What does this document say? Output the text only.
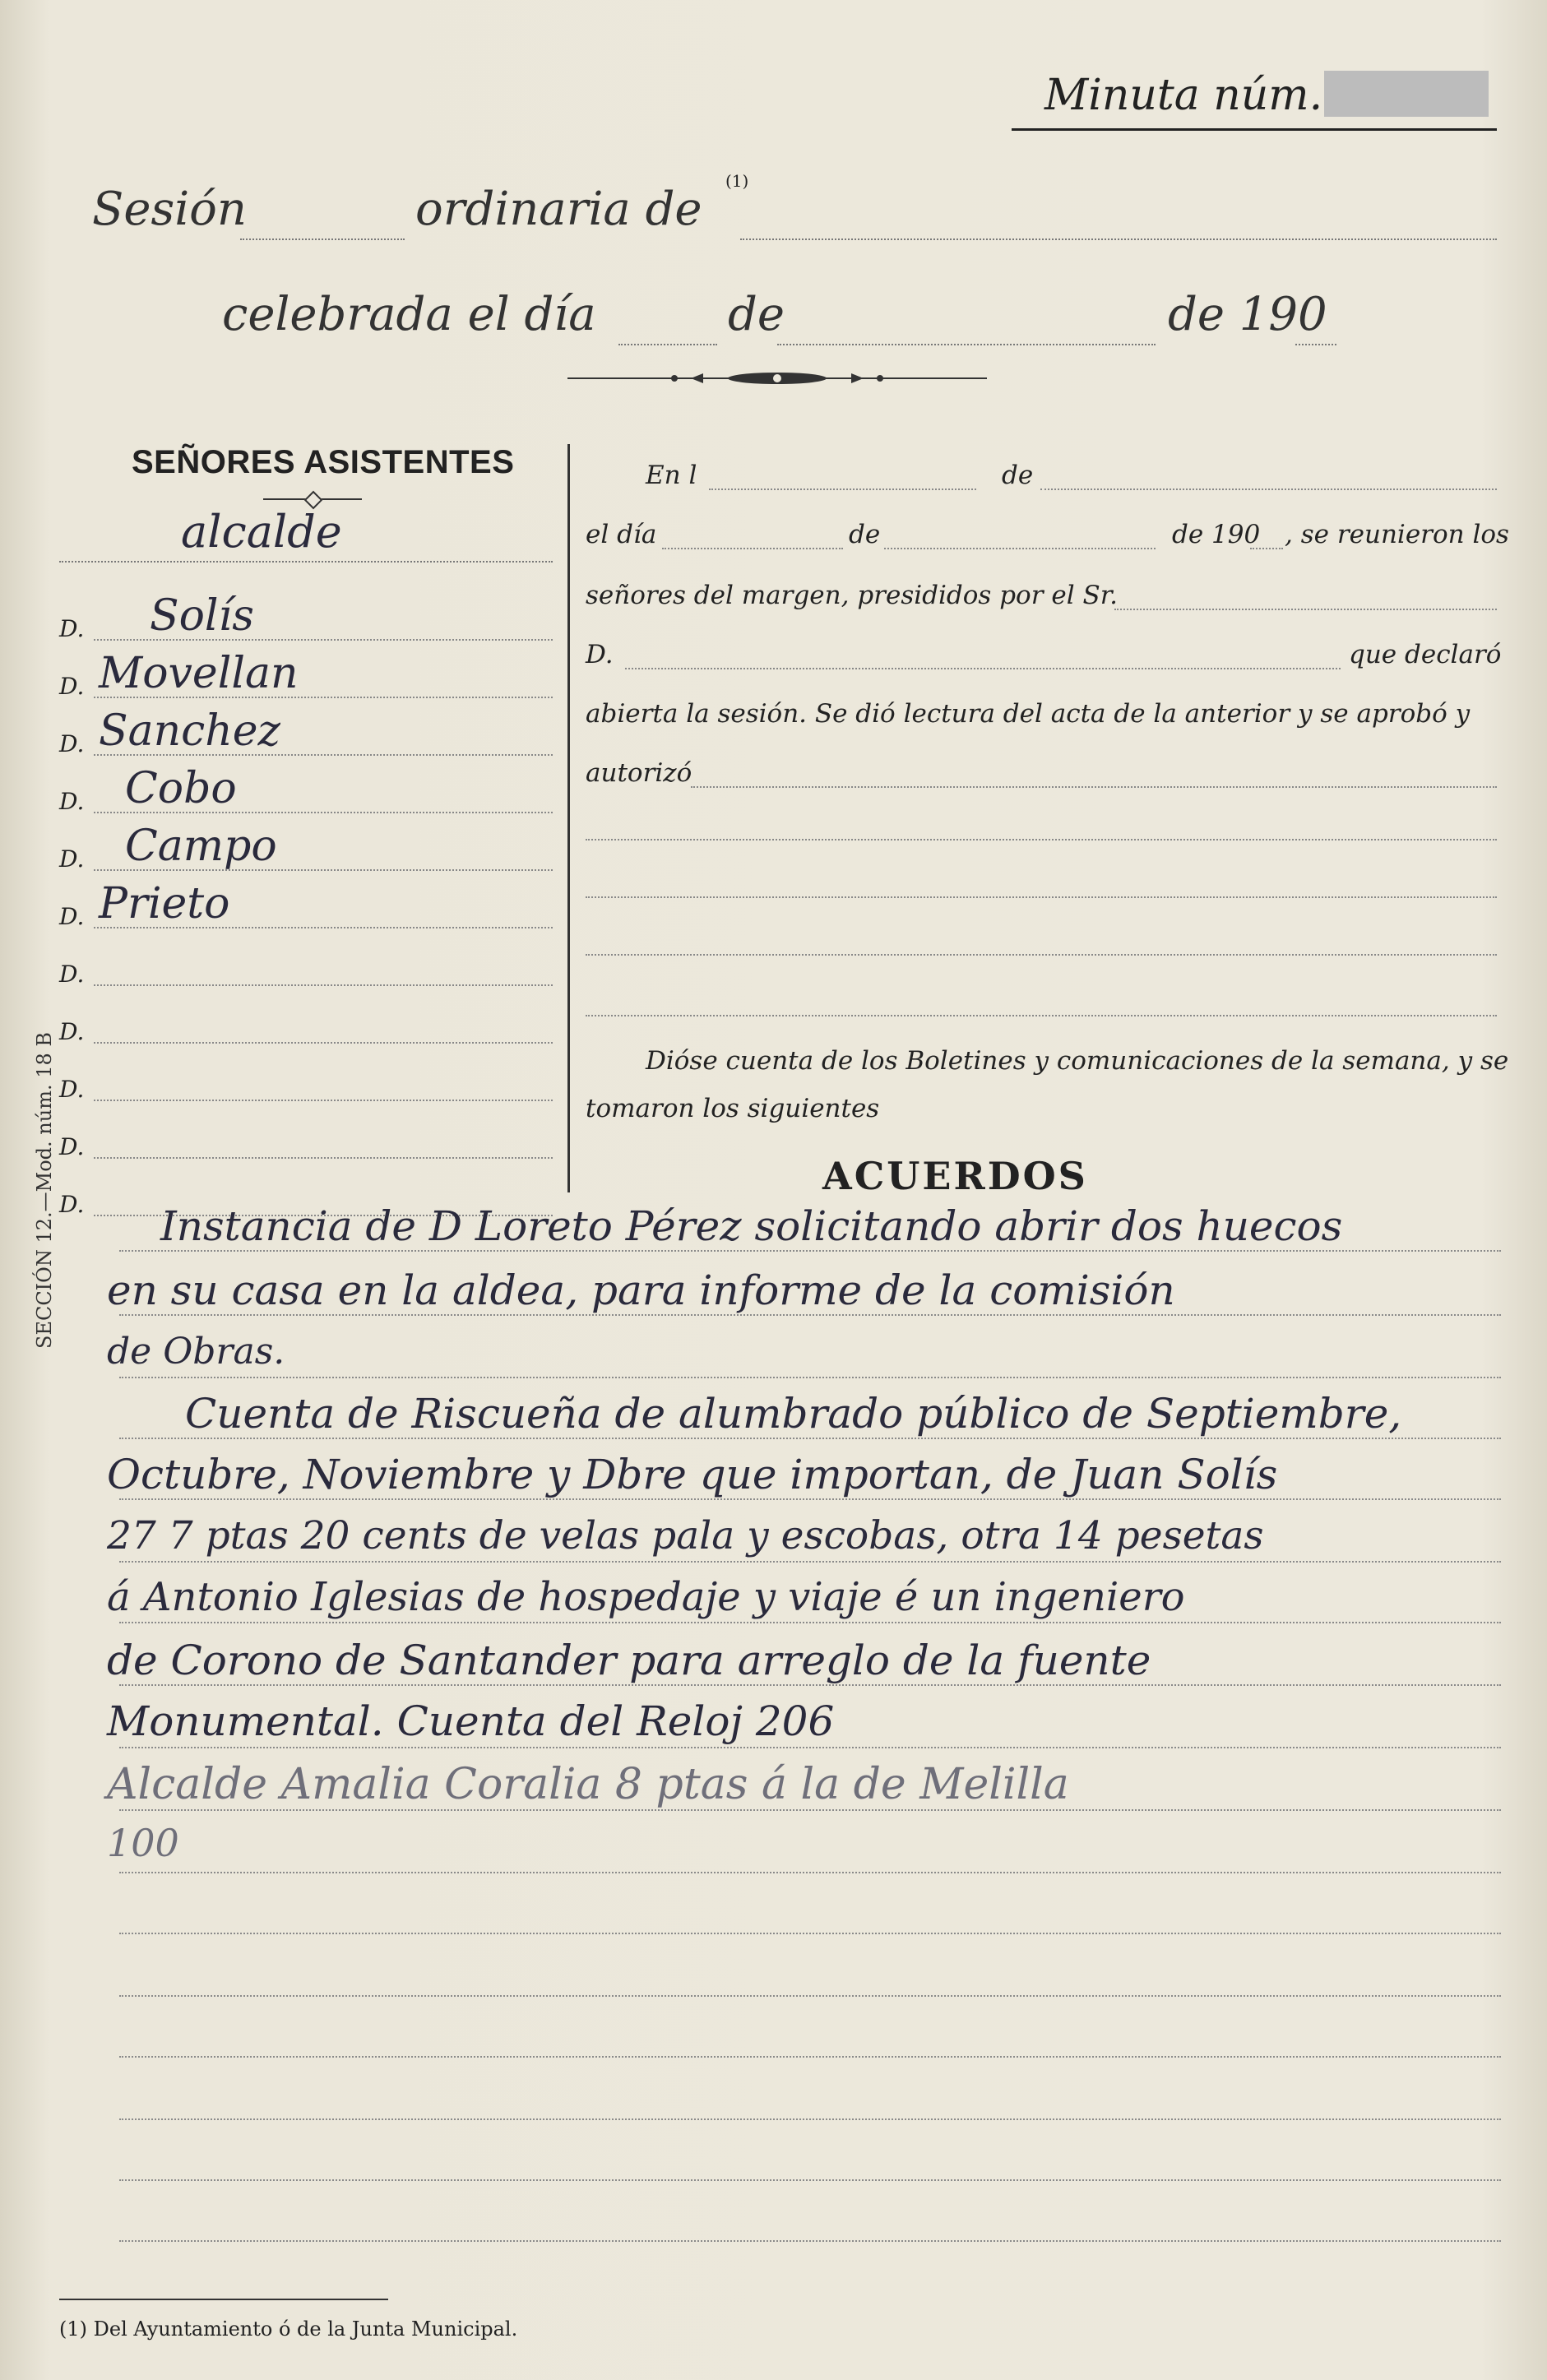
Minuta núm.
Sesión	ordinaria de
(1)
celebrada el día	de	de 190
SEÑORES ASISTENTES
alcalde
D. Solís
D. Movellan
D. Sanchez
D. Cobo
D. Campo
D. Prieto
D.
D.
D.
D.
D.
SECCIÓN 12.—Mod. núm. 18 B
En l	de
el día	de	de 190 , se reunieron los
señores del margen, presididos por el Sr.
D.	que declaró
abierta la sesión. Se dió lectura del acta de la anterior y se aprobó y
autorizó
Dióse cuenta de los Boletines y comunicaciones de la semana, y se
tomaron los siguientes
ACUERDOS
Instancia de D Loreto Pérez solicitando abrir dos huecos
en su casa en la aldea, para informe de la comisión
de Obras.
Cuenta de Riscueña de alumbrado público de Septiembre,
Octubre, Noviembre y Dbre que importan, de Juan Solís
27 7 ptas 20 cents de velas pala y escobas, otra 14 pesetas
á Antonio Iglesias de hospedaje y viaje é un ingeniero
de Corono de Santander para arreglo de la fuente
Monumental. Cuenta del Reloj 206
Alcalde Amalia Coralia 8 ptas á la de Melilla
100
(1) Del Ayuntamiento ó de la Junta Municipal.
